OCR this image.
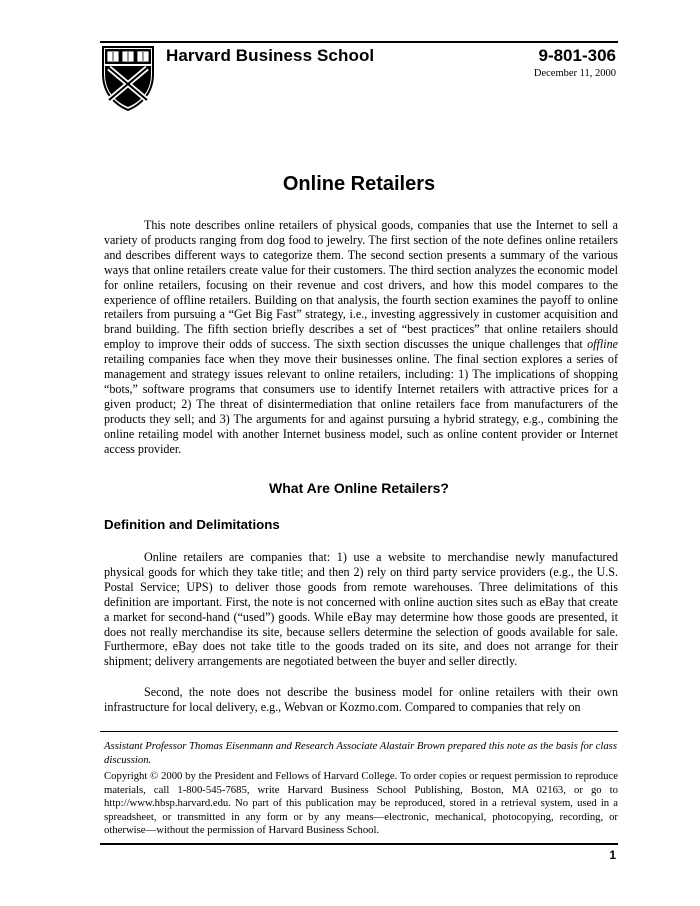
Harvard Business School	9-801-306
December 11, 2000
Online Retailers

This note describes online retailers of physical goods, companies that use the Internet to sell a variety of products ranging from dog food to jewelry. The first section of the note defines online retailers and describes different ways to categorize them. The second section presents a summary of the various ways that online retailers create value for their customers. The third section analyzes the economic model for online retailers, focusing on their revenue and cost drivers, and how this model compares to the experience of offline retailers. Building on that analysis, the fourth section examines the payoff to online retailers from pursuing a “Get Big Fast” strategy, i.e., investing aggressively in customer acquisition and brand building. The fifth section briefly describes a set of “best practices” that online retailers should employ to improve their odds of success. The sixth section discusses the unique challenges that offline retailing companies face when they move their businesses online. The final section explores a series of management and strategy issues relevant to online retailers, including: 1) The implications of shopping “bots,” software programs that consumers use to identify Internet retailers with attractive prices for a given product; 2) The threat of disintermediation that online retailers face from manufacturers of the products they sell; and 3) The arguments for and against pursuing a hybrid strategy, e.g., combining the online retailing model with another Internet business model, such as online content provider or Internet access provider.

What Are Online Retailers?
Definition and Delimitations

Online retailers are companies that: 1) use a website to merchandise newly manufactured physical goods for which they take title; and then 2) rely on third party service providers (e.g., the U.S. Postal Service; UPS) to deliver those goods from remote warehouses. Three delimitations of this definition are important. First, the note is not concerned with online auction sites such as eBay that create a market for second-hand (“used”) goods. While eBay may determine how those goods are presented, it does not really merchandise its site, because sellers determine the selection of goods available for sale. Furthermore, eBay does not take title to the goods traded on its site, and does not arrange for their shipment; delivery arrangements are negotiated between the buyer and seller directly.

Second, the note does not describe the business model for online retailers with their own infrastructure for local delivery, e.g., Webvan or Kozmo.com. Compared to companies that rely on

Assistant Professor Thomas Eisenmann and Research Associate Alastair Brown prepared this note as the basis for class discussion.

Copyright © 2000 by the President and Fellows of Harvard College. To order copies or request permission to reproduce materials, call 1-800-545-7685, write Harvard Business School Publishing, Boston, MA 02163, or go to http://www.hbsp.harvard.edu. No part of this publication may be reproduced, stored in a retrieval system, used in a spreadsheet, or transmitted in any form or by any means—electronic, mechanical, photocopying, recording, or otherwise—without the permission of Harvard Business School.

1
